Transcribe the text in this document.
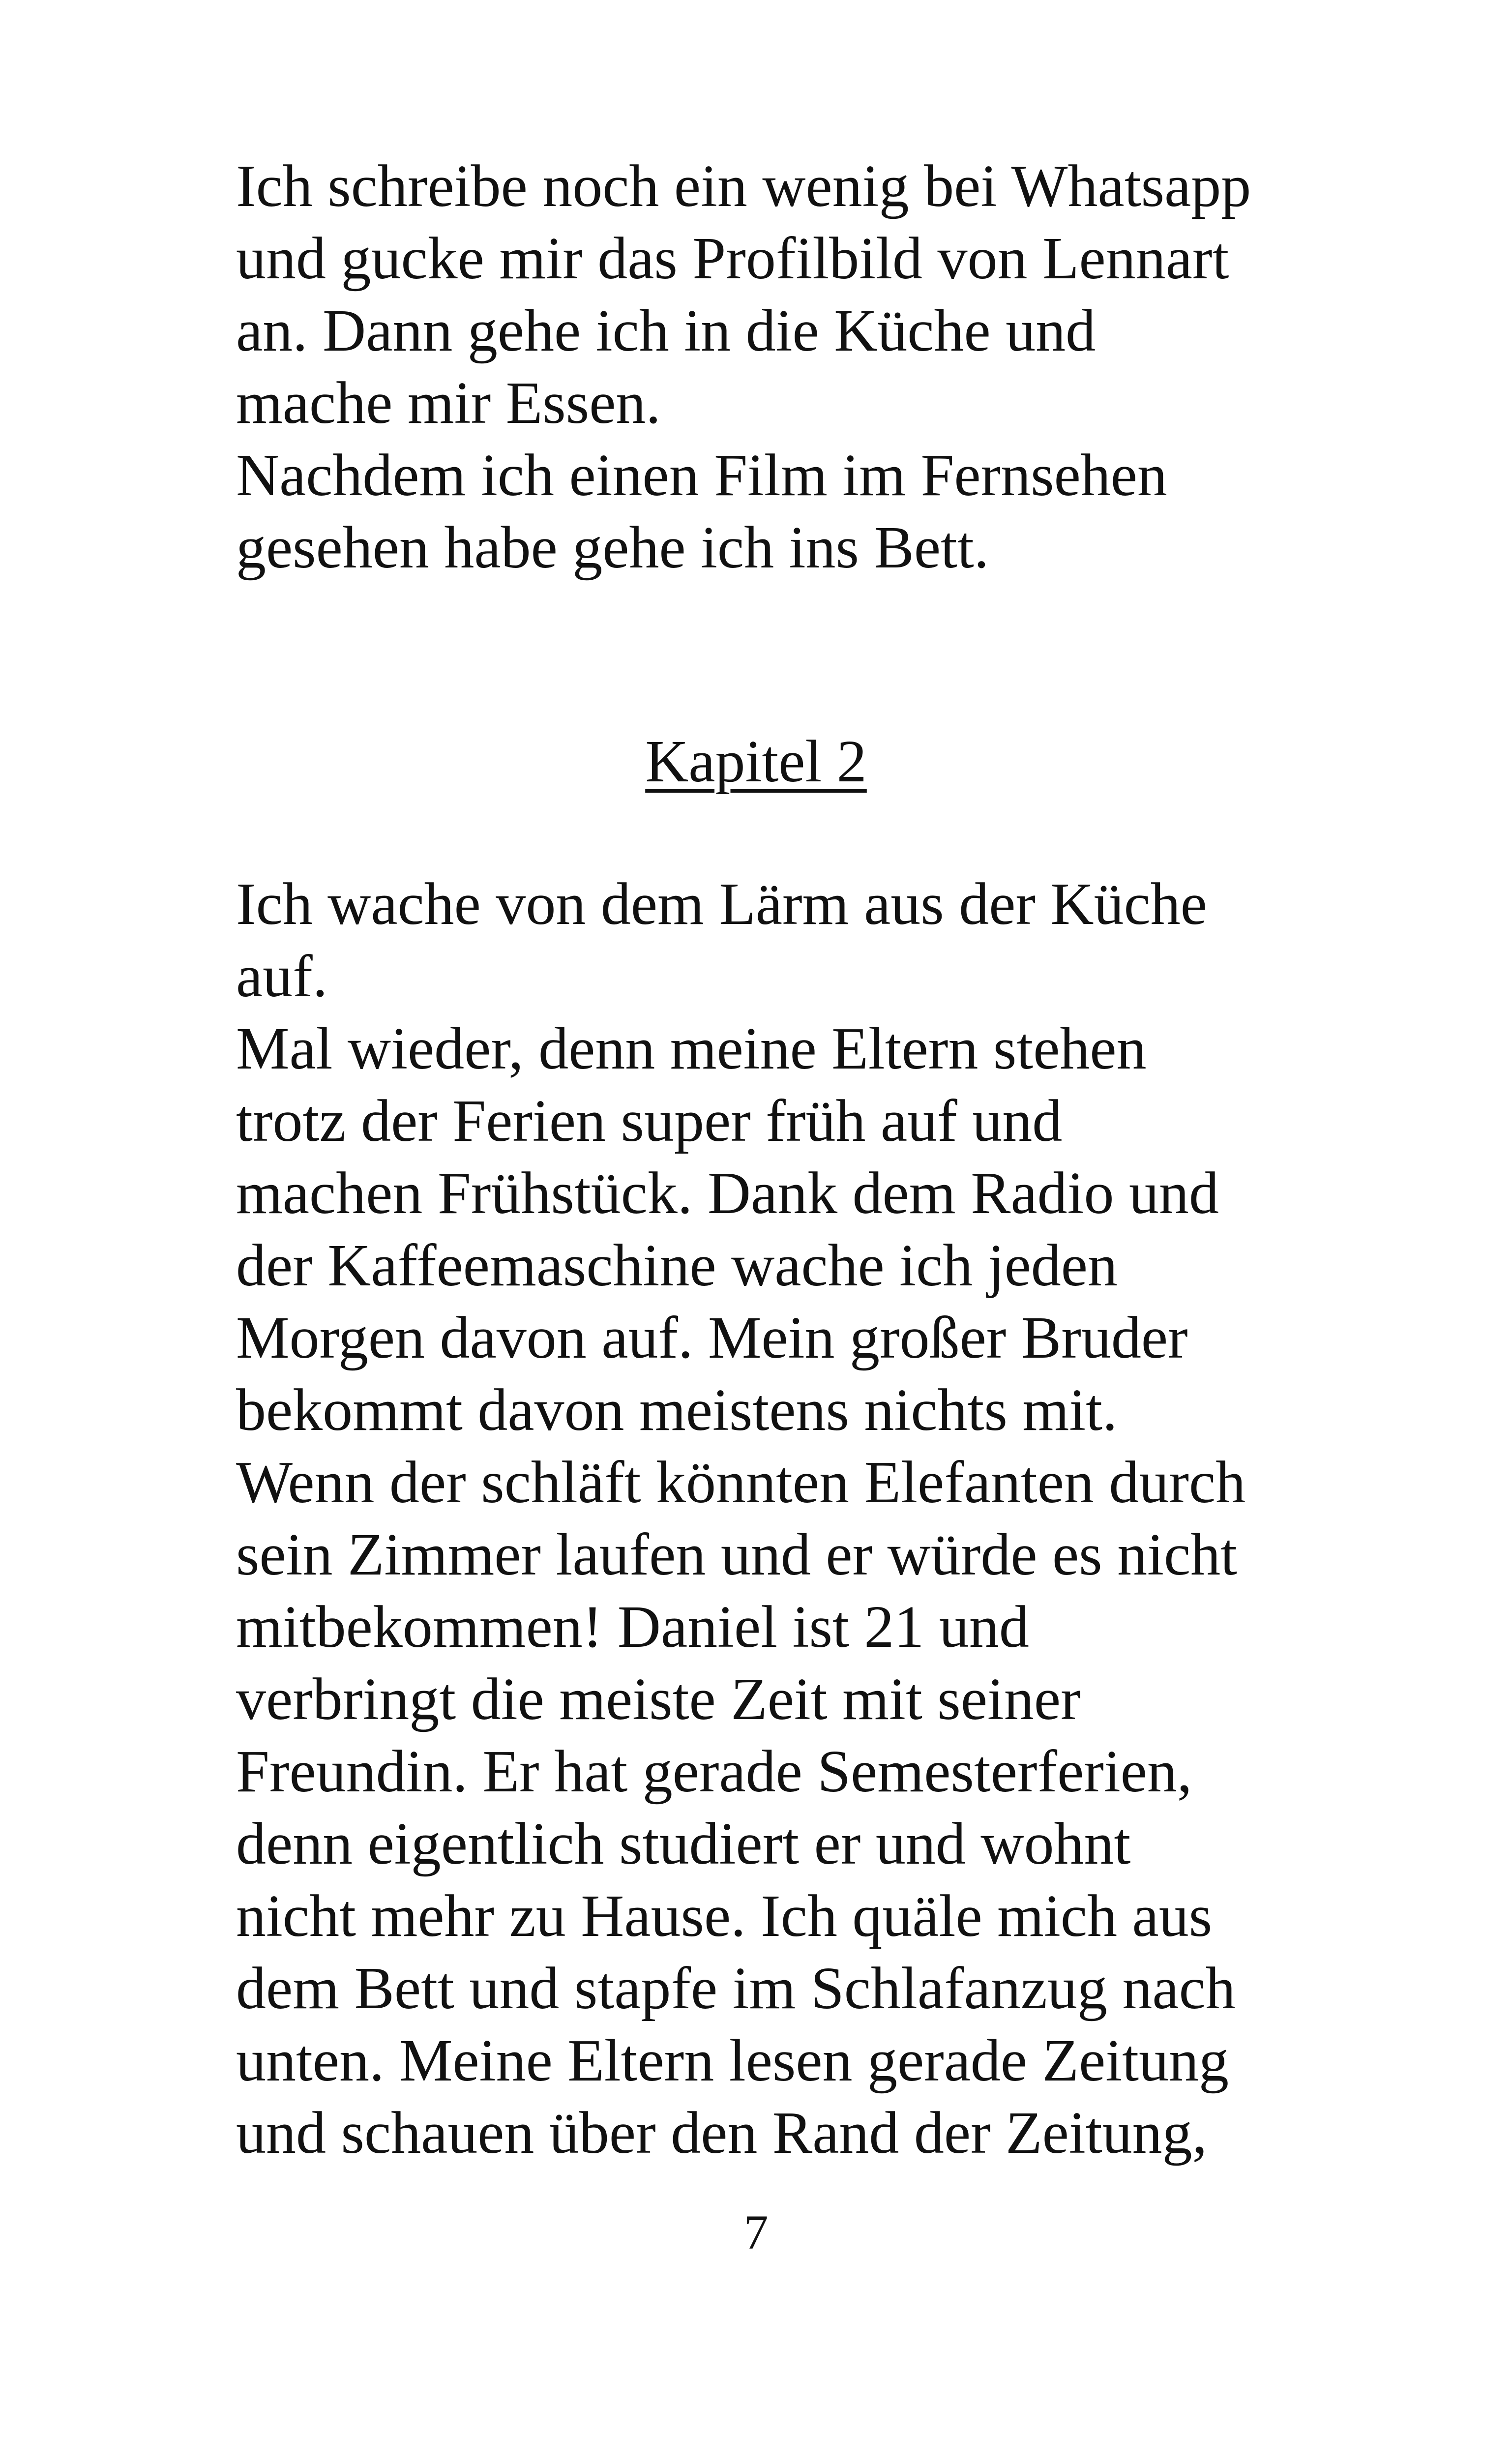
Ich schreibe noch ein wenig bei Whatsapp
und gucke mir das Profilbild von Lennart
an. Dann gehe ich in die Küche und
mache mir Essen.
Nachdem ich einen Film im Fernsehen
gesehen habe gehe ich ins Bett.
Kapitel 2
Ich wache von dem Lärm aus der Küche
auf.
Mal wieder, denn meine Eltern stehen
trotz der Ferien super früh auf und
machen Frühstück. Dank dem Radio und
der Kaffeemaschine wache ich jeden
Morgen davon auf. Mein großer Bruder
bekommt davon meistens nichts mit.
Wenn der schläft könnten Elefanten durch
sein Zimmer laufen und er würde es nicht
mitbekommen! Daniel ist 21 und
verbringt die meiste Zeit mit seiner
Freundin. Er hat gerade Semesterferien,
denn eigentlich studiert er und wohnt
nicht mehr zu Hause. Ich quäle mich aus
dem Bett und stapfe im Schlafanzug nach
unten. Meine Eltern lesen gerade Zeitung
und schauen über den Rand der Zeitung,
7
